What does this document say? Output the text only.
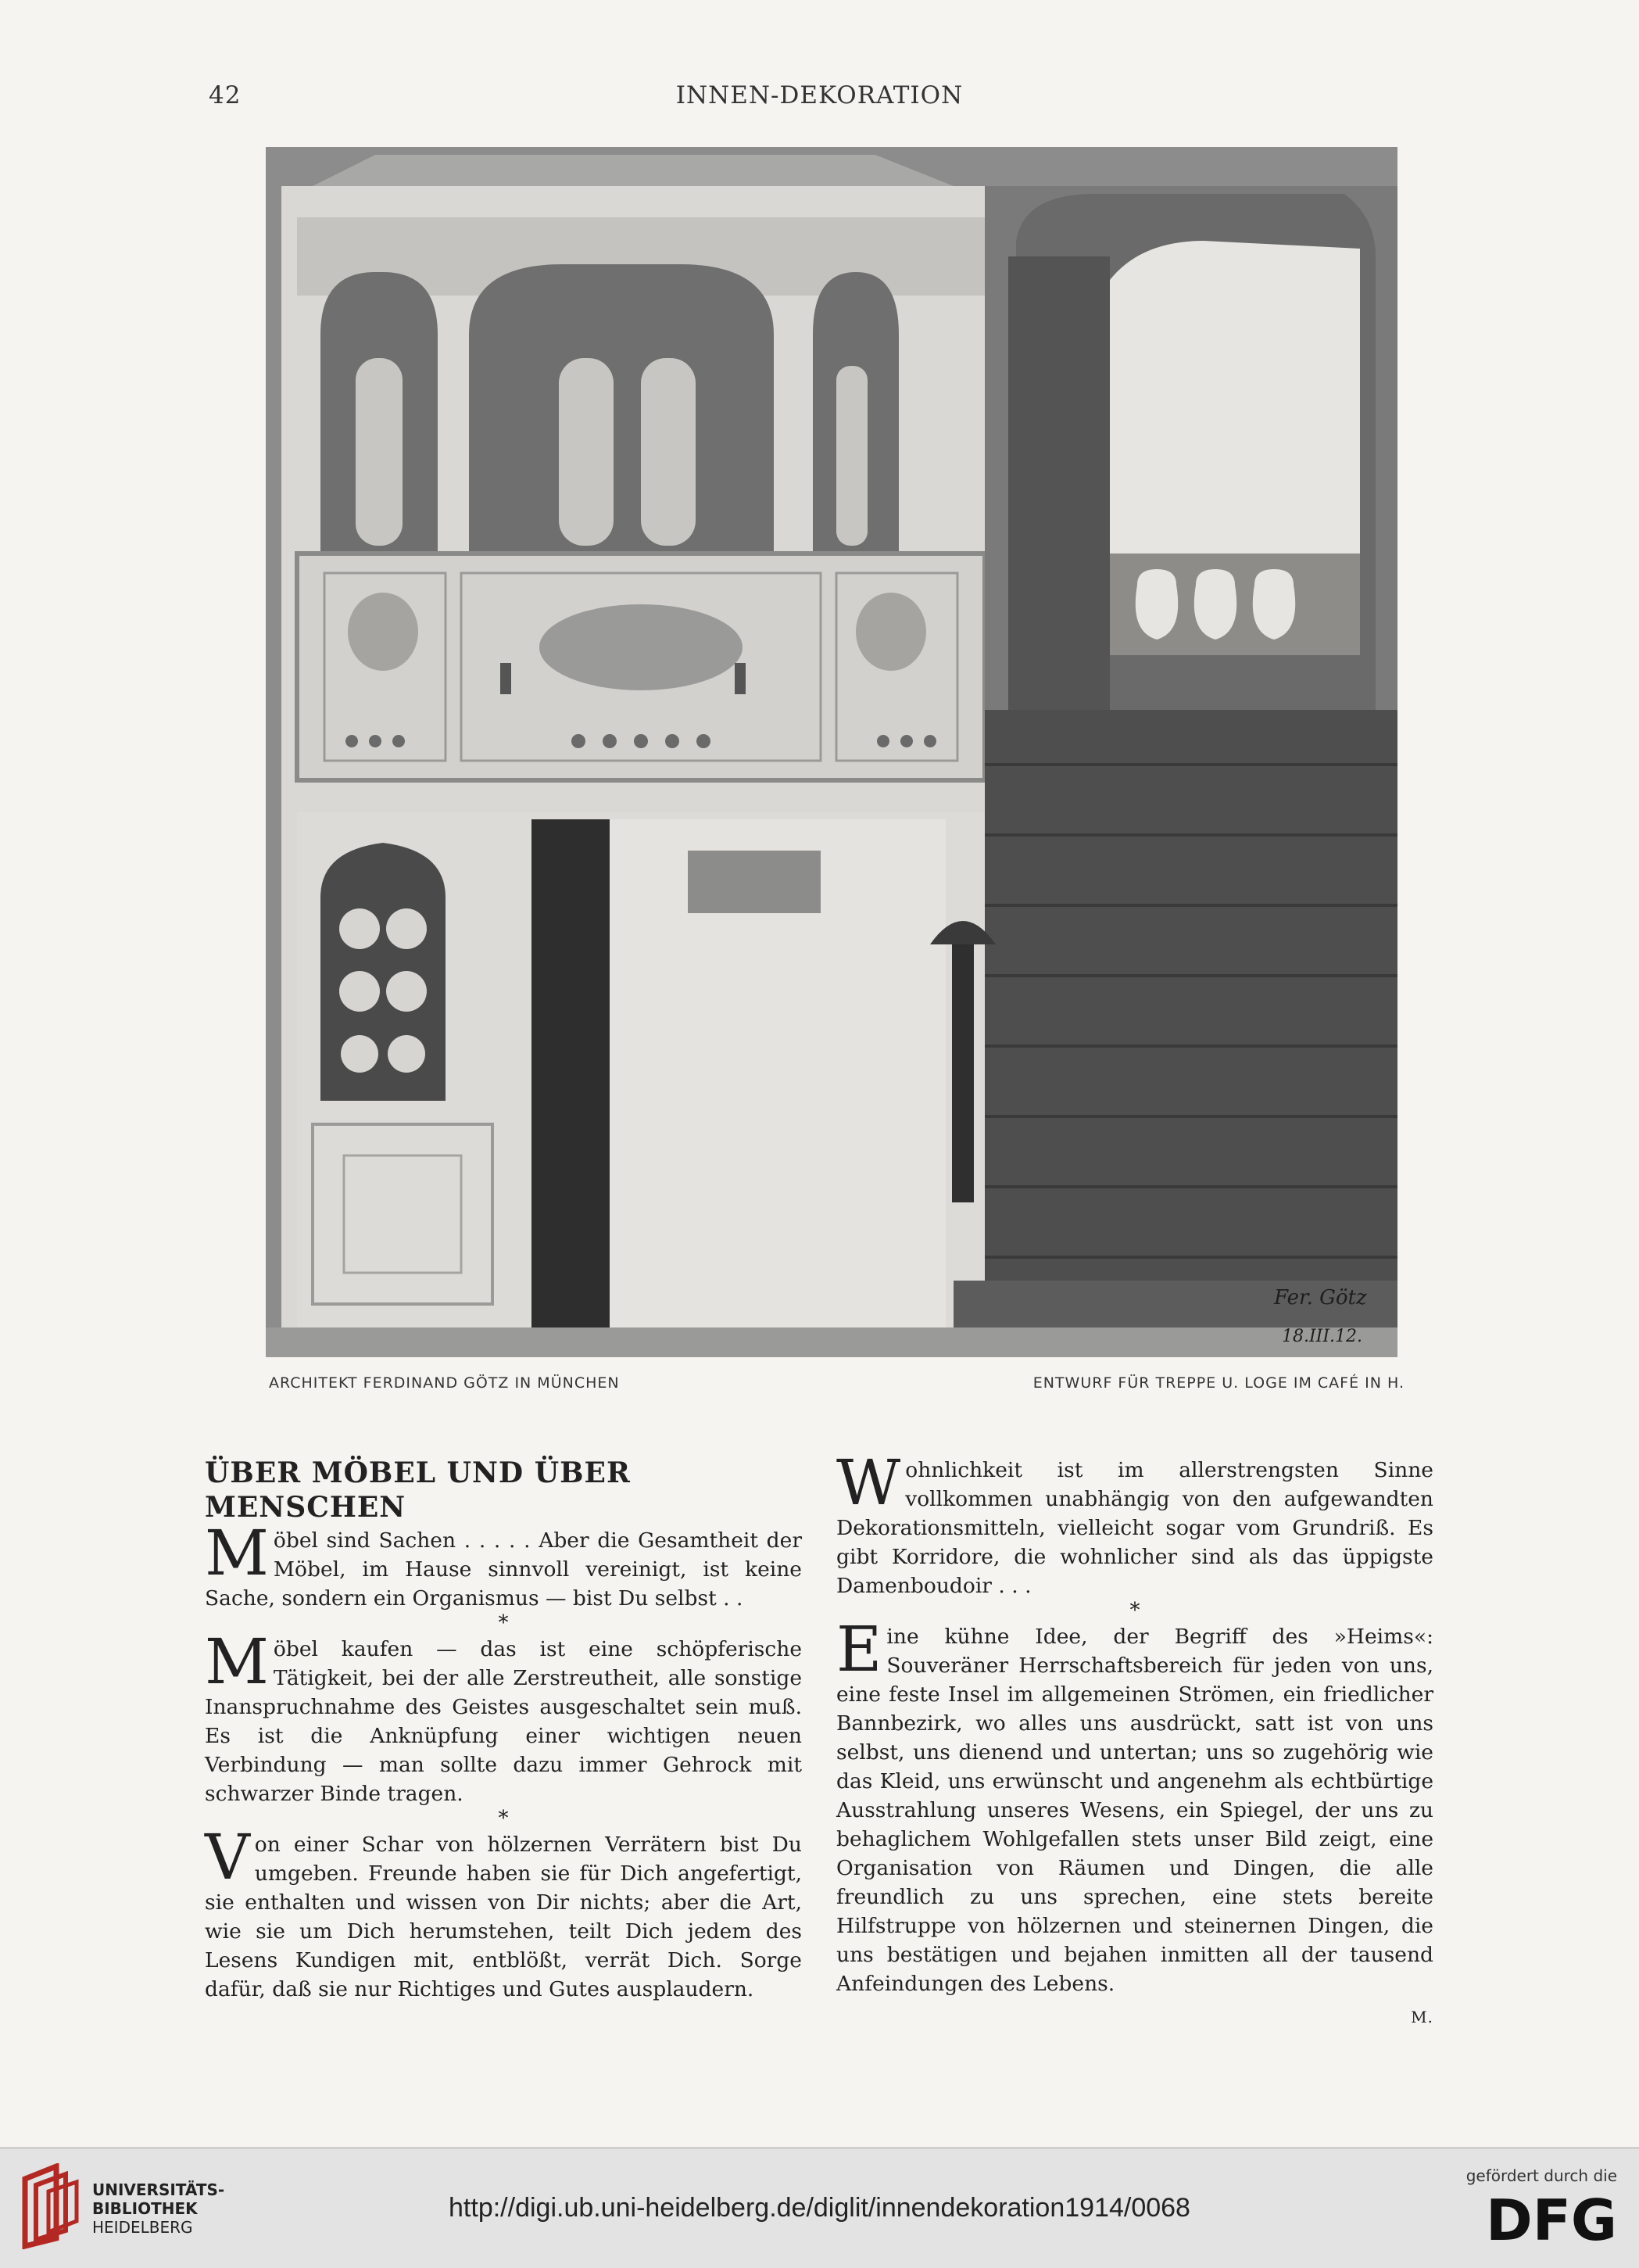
42	INNEN-DEKORATION
Fer. Götz
18.III.12.
ARCHITEKT FERDINAND GÖTZ IN MÜNCHEN	ENTWURF FÜR TREPPE U. LOGE IM CAFÉ IN H.
ÜBER MÖBEL UND ÜBER MENSCHEN

Möbel sind Sachen . . . . . Aber die Gesamtheit der Möbel, im Hause sinnvoll vereinigt, ist keine Sache, sondern ein Organismus — bist Du selbst . .

*

Möbel kaufen — das ist eine schöpferische Tätigkeit, bei der alle Zerstreutheit, alle sonstige Inanspruchnahme des Geistes ausgeschaltet sein muß. Es ist die Anknüpfung einer wichtigen neuen Verbindung — man sollte dazu immer Gehrock mit schwarzer Binde tragen.

*

Von einer Schar von hölzernen Verrätern bist Du umgeben. Freunde haben sie für Dich angefertigt, sie enthalten und wissen von Dir nichts; aber die Art, wie sie um Dich herumstehen, teilt Dich jedem des Lesens Kundigen mit, entblößt, verrät Dich. Sorge dafür, daß sie nur Richtiges und Gutes ausplaudern.

Wohnlichkeit ist im allerstrengsten Sinne vollkommen unabhängig von den aufgewandten Dekorationsmitteln, vielleicht sogar vom Grundriß. Es gibt Korridore, die wohnlicher sind als das üppigste Damenboudoir . . .

*

Eine kühne Idee, der Begriff des »Heims«: Souveräner Herrschaftsbereich für jeden von uns, eine feste Insel im allgemeinen Strömen, ein friedlicher Bannbezirk, wo alles uns ausdrückt, satt ist von uns selbst, uns dienend und untertan; uns so zugehörig wie das Kleid, uns erwünscht und angenehm als echtbürtige Ausstrahlung unseres Wesens, ein Spiegel, der uns zu behaglichem Wohlgefallen stets unser Bild zeigt, eine Organisation von Räumen und Dingen, die alle freundlich zu uns sprechen, eine stets bereite Hilfstruppe von hölzernen und steinernen Dingen, die uns bestätigen und bejahen inmitten all der tausend Anfeindungen des Lebens.

M.
UNIVERSITÄTS-
BIBLIOTHEK
HEIDELBERG
http://digi.ub.uni-heidelberg.de/diglit/innendekoration1914/0068
gefördert durch die
DFG
